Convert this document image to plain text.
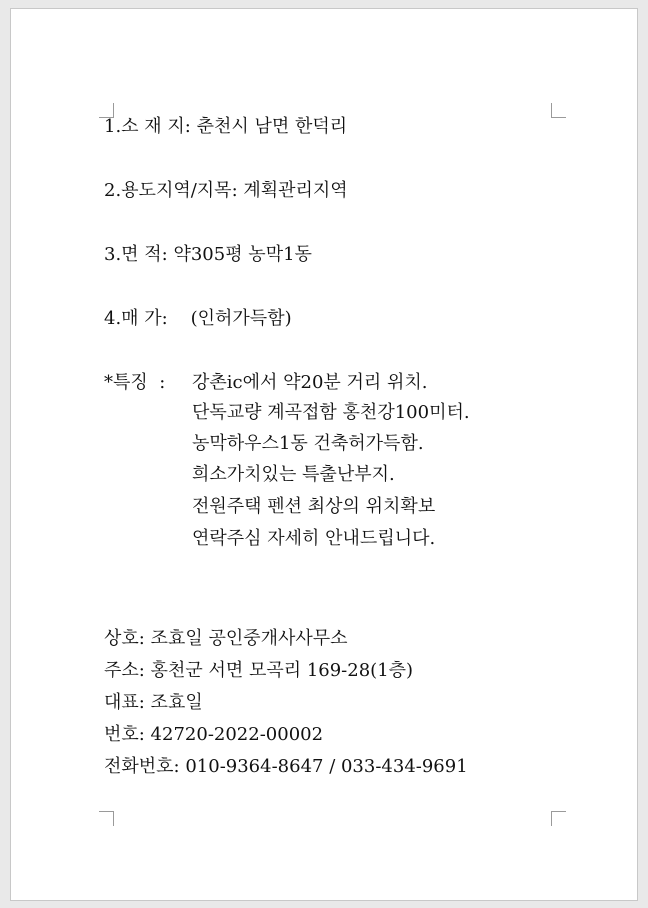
1.소 재 지: 춘천시 남면 한덕리
2.용도지역/지목: 계획관리지역
3.면 적: 약305평 농막1동
4.매 가:    (인허가득함)
*특징  : 강촌ic에서 약20분 거리 위치.
단독교량 계곡접함 홍천강100미터.
농막하우스1동 건축허가득함.
희소가치있는 특출난부지.
전원주택 펜션 최상의 위치확보
연락주심 자세히 안내드립니다.
상호: 조효일 공인중개사사무소
주소: 홍천군 서면 모곡리 169-28(1층)
대표: 조효일
번호: 42720-2022-00002
전화번호: 010-9364-8647 / 033-434-9691
